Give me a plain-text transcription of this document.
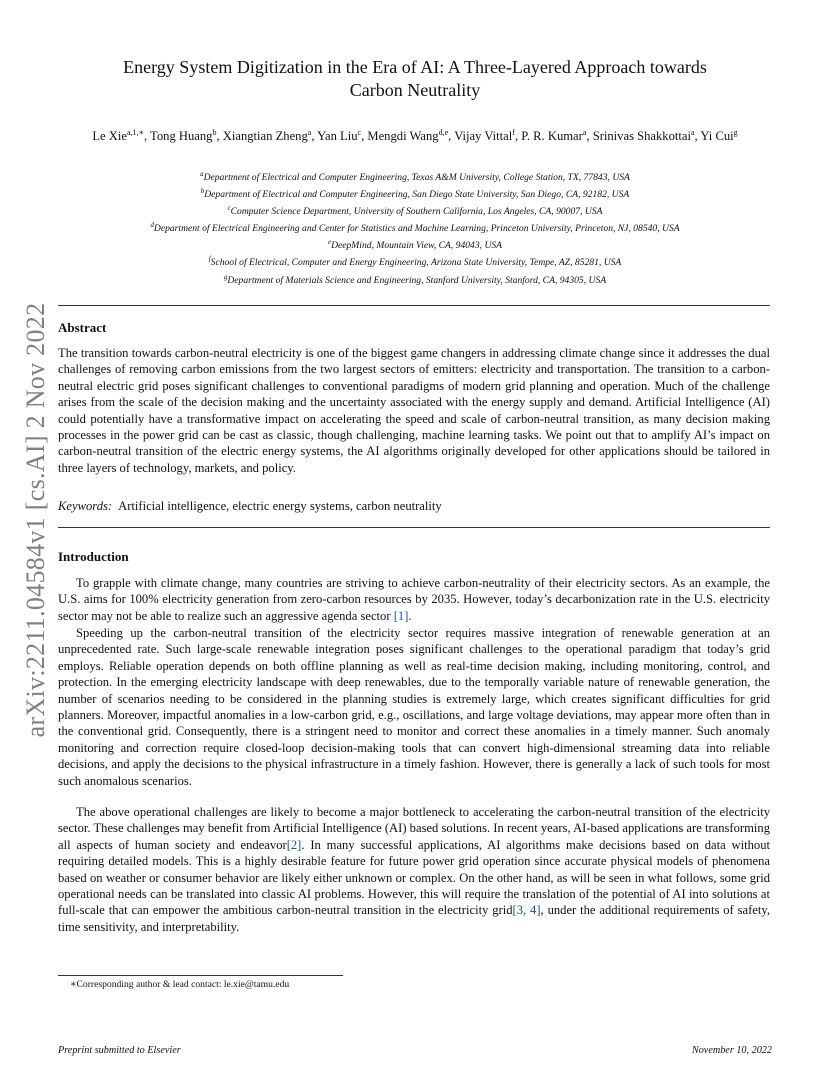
arXiv:2211.04584v1 [cs.AI] 2 Nov 2022
Energy System Digitization in the Era of AI: A Three-Layered Approach towards
Carbon Neutrality
Le Xie$^{a,1,∗}$, Tong Huang$^b$, Xiangtian Zheng$^a$, Yan Liu$^c$, Mengdi Wang$^{d,e}$, Vijay Vittal$^f$, P. R. Kumar$^a$, Srinivas Shakkottai$^a$, Yi Cui$^g$
$^a$Department of Electrical and Computer Engineering, Texas A&M University, College Station, TX, 77843, USA
$^b$Department of Electrical and Computer Engineering, San Diego State University, San Diego, CA, 92182, USA
$^c$Computer Science Department, University of Southern California, Los Angeles, CA, 90007, USA
$^d$Department of Electrical Engineering and Center for Statistics and Machine Learning, Princeton University, Princeton, NJ, 08540, USA
$^e$DeepMind, Mountain View, CA, 94043, USA
$^f$School of Electrical, Computer and Energy Engineering, Arizona State University, Tempe, AZ, 85281, USA
$^g$Department of Materials Science and Engineering, Stanford University, Stanford, CA, 94305, USA
Abstract

The transition towards carbon-neutral electricity is one of the biggest game changers in addressing climate change since it addresses the dual challenges of removing carbon emissions from the two largest sectors of emitters: electricity and transportation. The transition to a carbon-neutral electric grid poses significant challenges to conventional paradigms of modern grid planning and operation. Much of the challenge arises from the scale of the decision making and the uncertainty associated with the energy supply and demand. Artificial Intelligence (AI) could potentially have a transformative impact on accelerating the speed and scale of carbon-neutral transition, as many decision making processes in the power grid can be cast as classic, though challenging, machine learning tasks. We point out that to amplify AI’s impact on carbon-neutral transition of the electric energy systems, the AI algorithms originally developed for other applications should be tailored in three layers of technology, markets, and policy.

Keywords: Artificial intelligence, electric energy systems, carbon neutrality
Introduction

To grapple with climate change, many countries are striving to achieve carbon-neutrality of their electricity sectors. As an example, the U.S. aims for 100% electricity generation from zero-carbon resources by 2035. However, today’s decarbonization rate in the U.S. electricity sector may not be able to realize such an aggressive agenda sector [1].

Speeding up the carbon-neutral transition of the electricity sector requires massive integration of renewable generation at an unprecedented rate. Such large-scale renewable integration poses significant challenges to the operational paradigm that today’s grid employs. Reliable operation depends on both offline planning as well as real-time decision making, including monitoring, control, and protection. In the emerging electricity landscape with deep renewables, due to the temporally variable nature of renewable generation, the number of scenarios needing to be considered in the planning studies is extremely large, which creates significant difficulties for grid planners. Moreover, impactful anomalies in a low-carbon grid, e.g., oscillations, and large voltage deviations, may appear more often than in the conventional grid. Consequently, there is a stringent need to monitor and correct these anomalies in a timely manner. Such anomaly monitoring and correction require closed-loop decision-making tools that can convert high-dimensional streaming data into reliable decisions, and apply the decisions to the physical infrastructure in a timely fashion. However, there is generally a lack of such tools for most such anomalous scenarios.

The above operational challenges are likely to become a major bottleneck to accelerating the carbon-neutral transition of the electricity sector. These challenges may benefit from Artificial Intelligence (AI) based solutions. In recent years, AI-based applications are transforming all aspects of human society and endeavor[2]. In many successful applications, AI algorithms make decisions based on data without requiring detailed models. This is a highly desirable feature for future power grid operation since accurate physical models of phenomena based on weather or consumer behavior are likely either unknown or complex. On the other hand, as will be seen in what follows, some grid operational needs can be translated into classic AI problems. However, this will require the translation of the potential of AI into solutions at full-scale that can empower the ambitious carbon-neutral transition in the electricity grid[3, 4], under the additional requirements of safety, time sensitivity, and interpretability.

∗Corresponding author & lead contact: le.xie@tamu.edu
Preprint submitted to Elsevier	November 10, 2022
